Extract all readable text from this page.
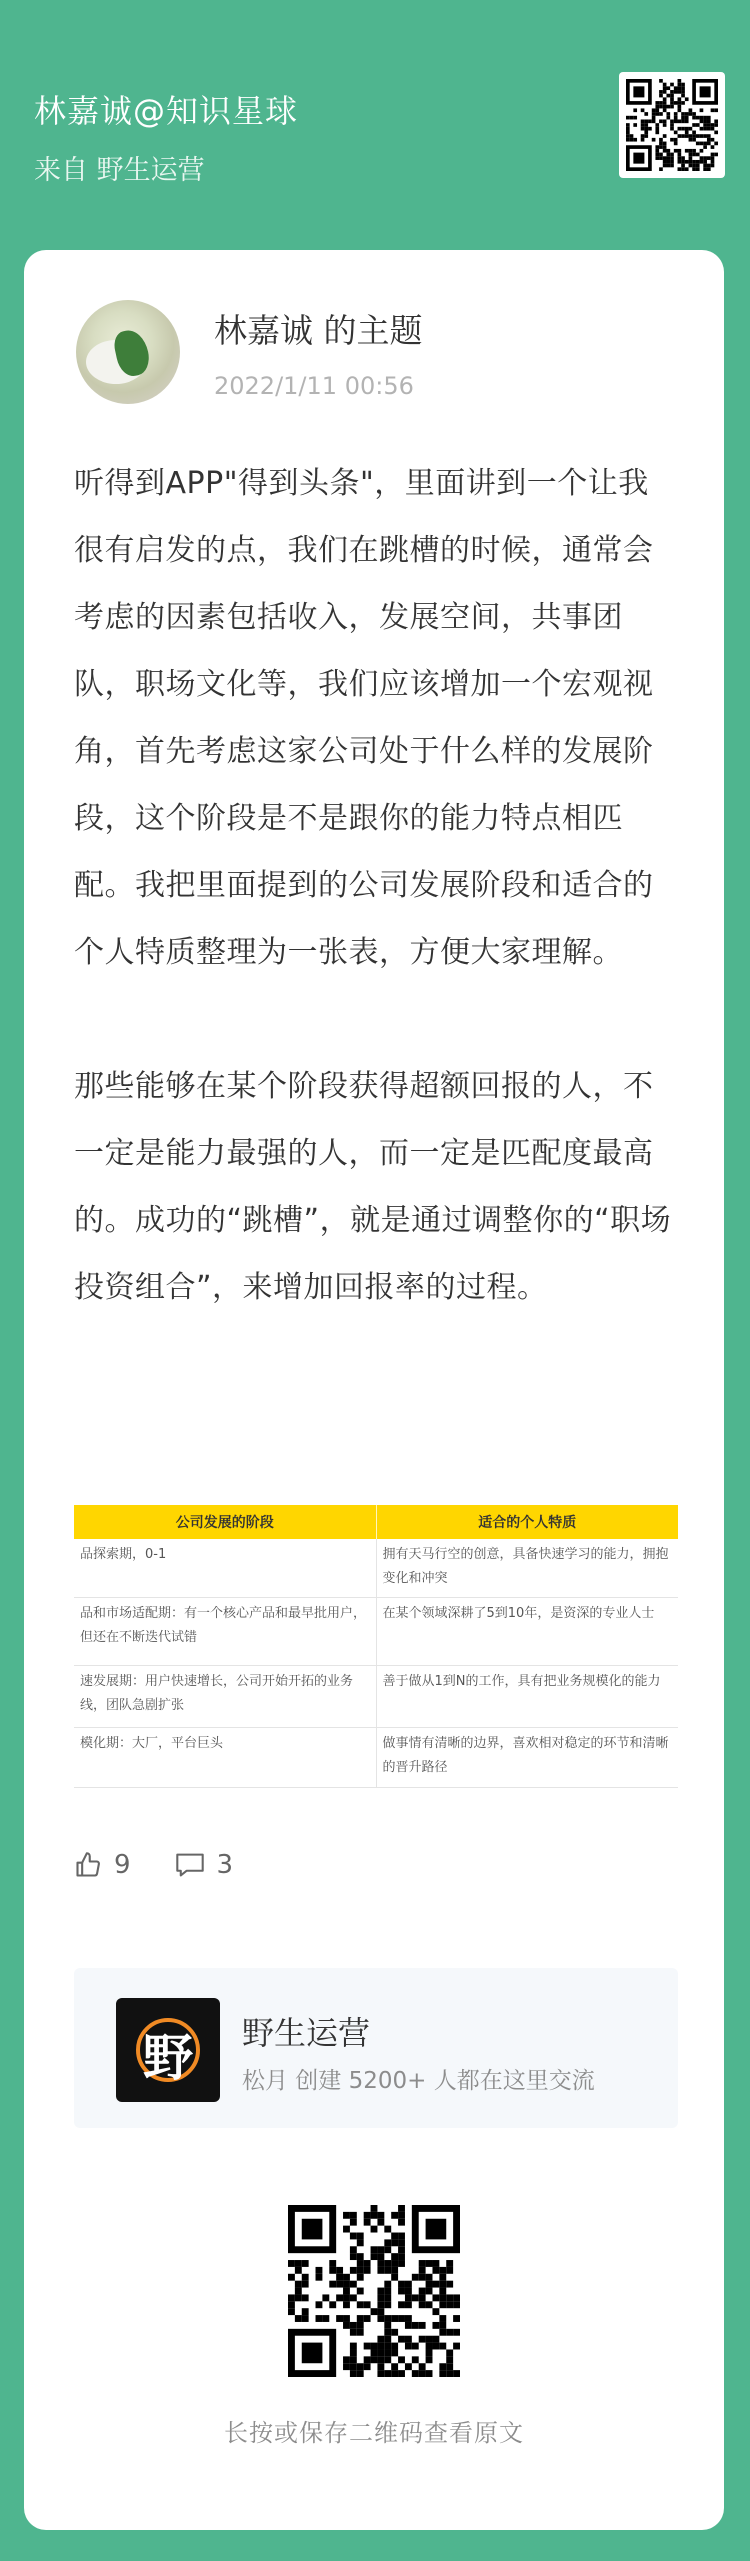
林嘉诚@知识星球
来自 野生运营
林嘉诚 的主题
2022/1/11 00:56

听得到APP"得到头条"，里面讲到一个让我很有启发的点，我们在跳槽的时候，通常会考虑的因素包括收入，发展空间，共事团队，职场文化等，我们应该增加一个宏观视角，首先考虑这家公司处于什么样的发展阶段，这个阶段是不是跟你的能力特点相匹配。我把里面提到的公司发展阶段和适合的个人特质整理为一张表，方便大家理解。

那些能够在某个阶段获得超额回报的人，不一定是能力最强的人，而一定是匹配度最高的。成功的“跳槽”，就是通过调整你的“职场投资组合”，来增加回报率的过程。

公司发展的阶段	适合的个人特质
品探索期，0-1	拥有天马行空的创意，具备快速学习的能力，拥抱变化和冲突
品和市场适配期：有一个核心产品和最早批用户，但还在不断迭代试错	在某个领域深耕了5到10年，是资深的专业人士
速发展期：用户快速增长，公司开始开拓的业务线，团队急剧扩张	善于做从1到N的工作，具有把业务规模化的能力
模化期：大厂，平台巨头	做事情有清晰的边界，喜欢相对稳定的环节和清晰的晋升路径
9	3
野	野生运营
松月 创建 5200+ 人都在这里交流
长按或保存二维码查看原文
